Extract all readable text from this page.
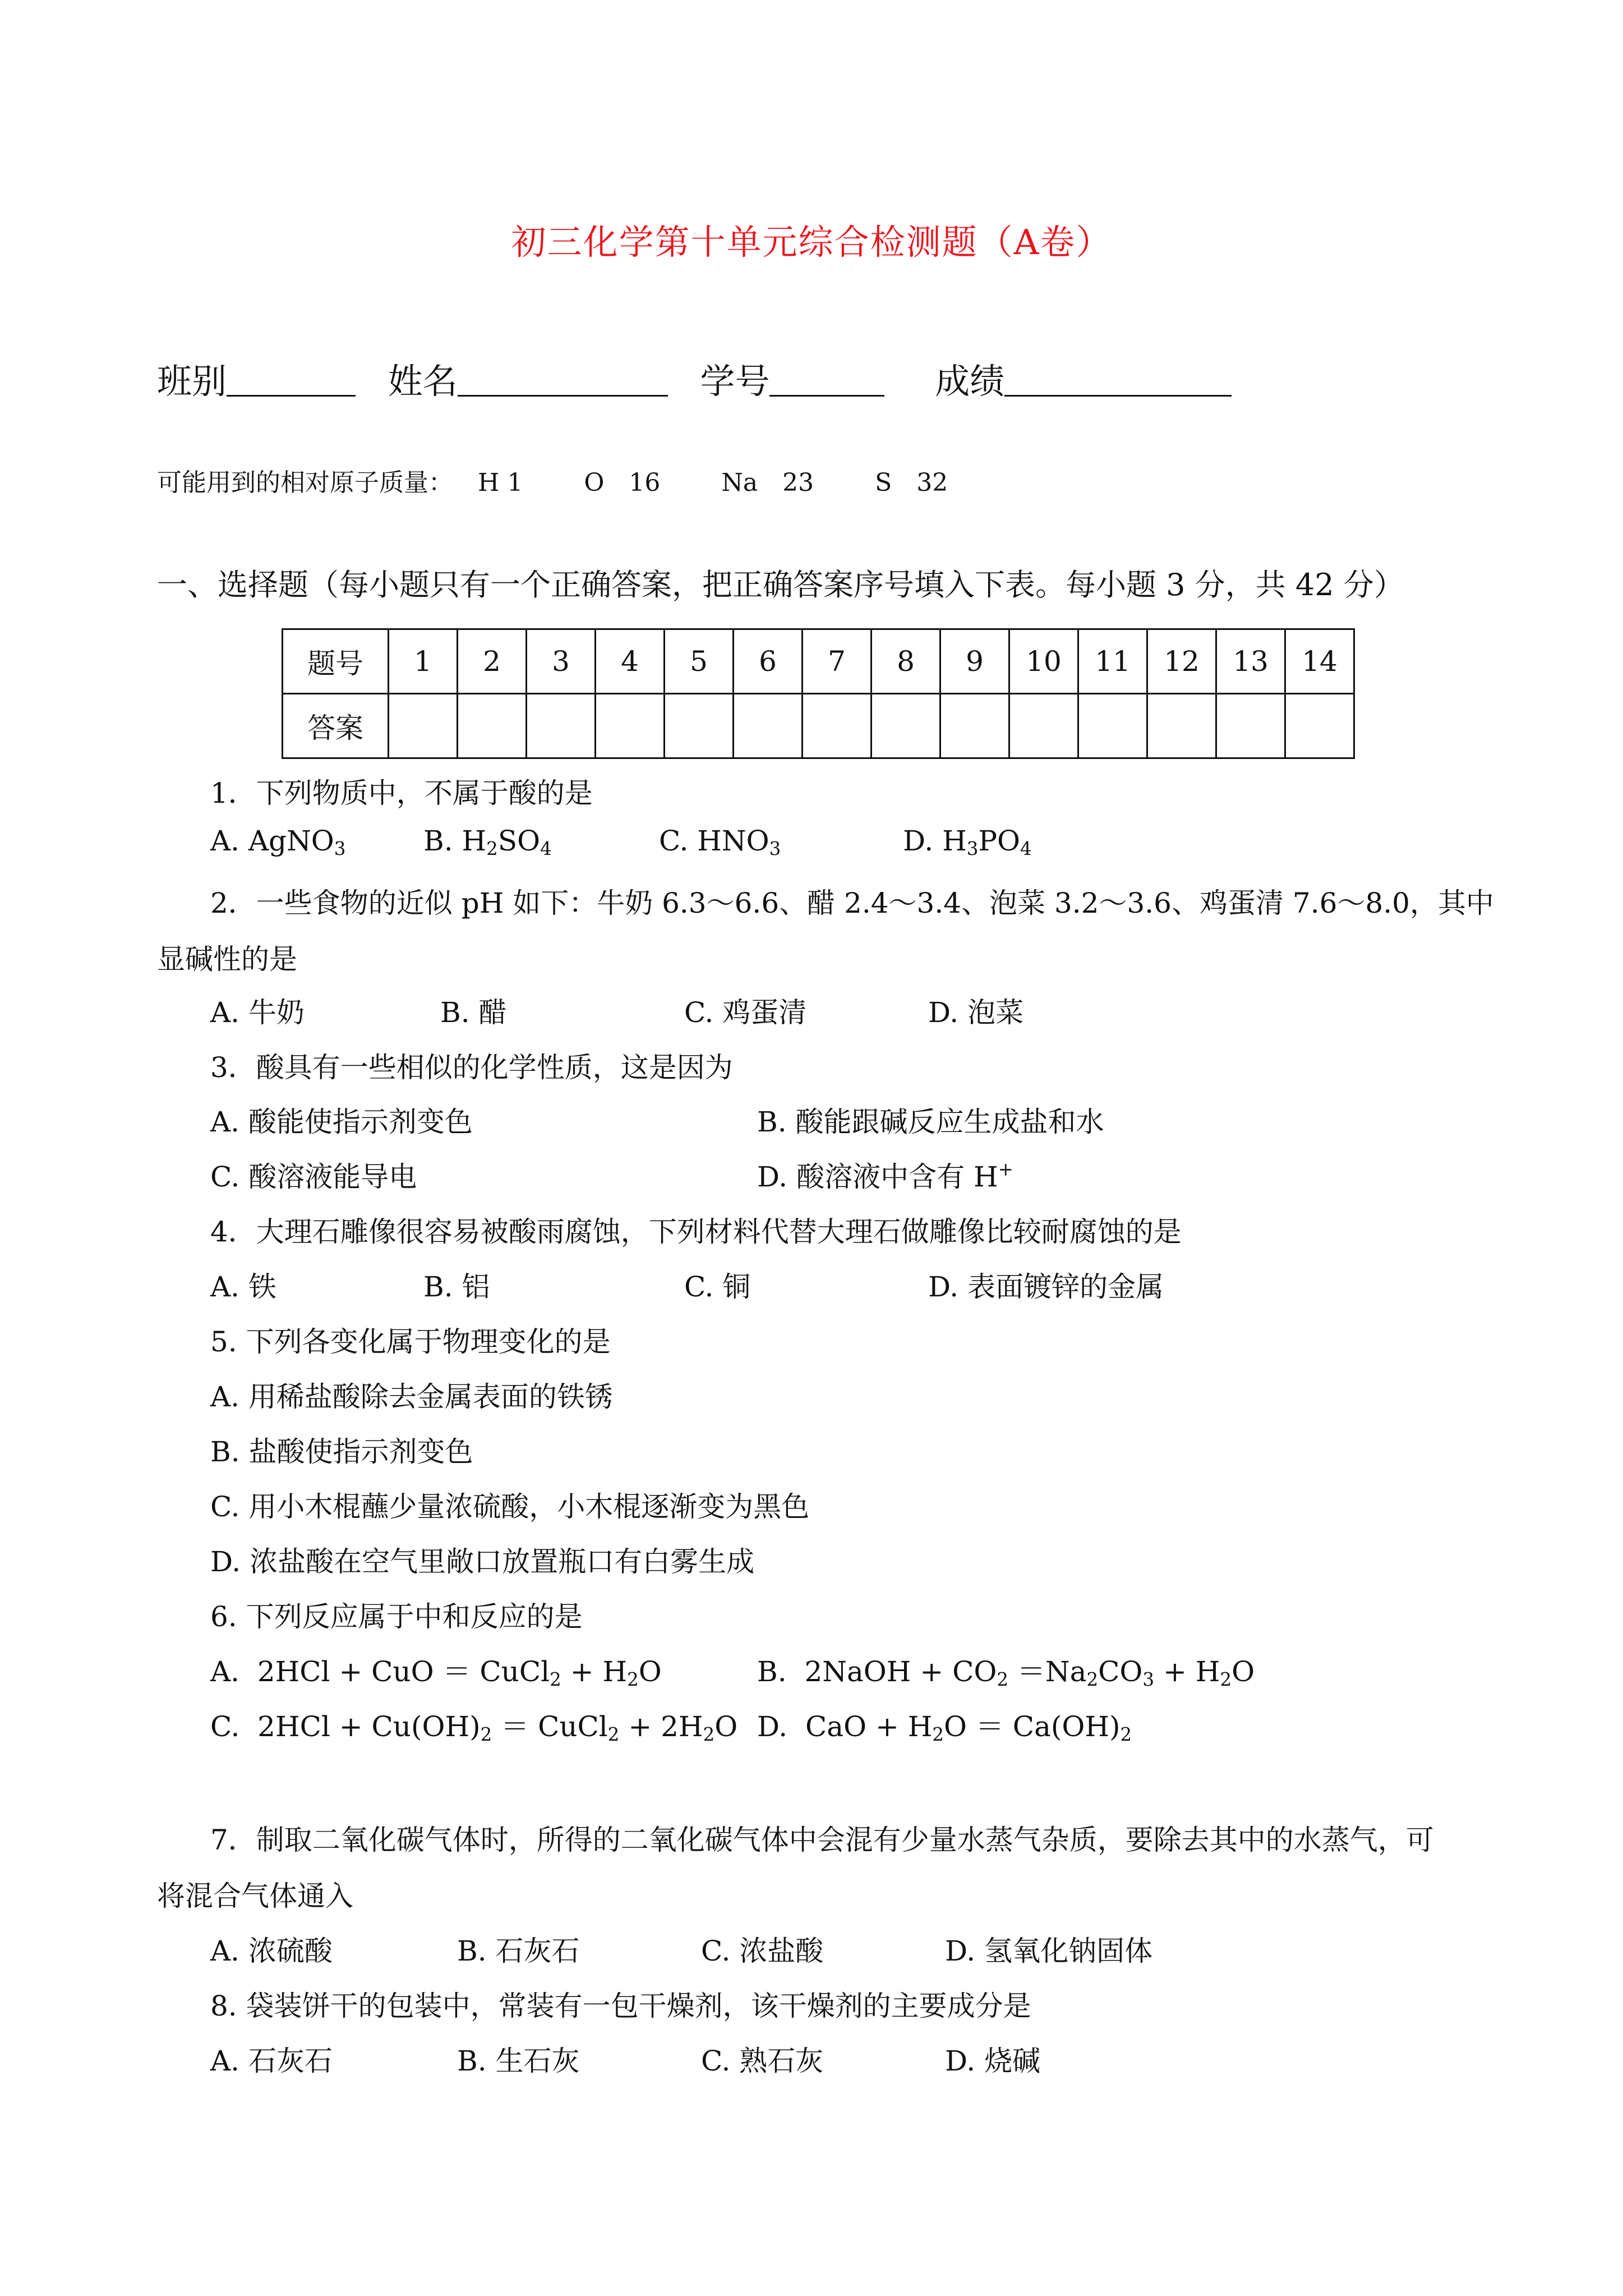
初三化学第十单元综合检测题（A卷）
班别	姓名	学号	成绩
可能用到的相对原子质量： H 1 O　16 Na　23 S　32
一、选择题（每小题只有一个正确答案，把正确答案序号填入下表。每小题 3 分，共 42 分）
题号	1	2	3	4	5	6	7	8	9	10	11	12	13	14
答案														
1．下列物质中，不属于酸的是
A. AgNO$_3$	B. $H_2SO_4$	C. $HNO_3$	D. $H_3PO_4$
2．一些食物的近似 pH 如下：牛奶 6.3～6.6、醋 2.4～3.4、泡菜 3.2～3.6、鸡蛋清 7.6～8.0，其中
显碱性的是
A. 牛奶	B. 醋	C. 鸡蛋清	D. 泡菜
3．酸具有一些相似的化学性质，这是因为
A. 酸能使指示剂变色	B. 酸能跟碱反应生成盐和水
C. 酸溶液能导电	D. 酸溶液中含有 H+
4．大理石雕像很容易被酸雨腐蚀，下列材料代替大理石做雕像比较耐腐蚀的是
A. 铁	B. 铝	C. 铜	D. 表面镀锌的金属
5. 下列各变化属于物理变化的是
A. 用稀盐酸除去金属表面的铁锈
B. 盐酸使指示剂变色
C. 用小木棍蘸少量浓硫酸，小木棍逐渐变为黑色
D. 浓盐酸在空气里敞口放置瓶口有白雾生成
6. 下列反应属于中和反应的是
A. 2HCl + CuO ＝ CuCl$_2$ + $H_2O$	B. 2NaOH + $CO_2 =Na_2CO_3 + H_2O$
C. $2HCl + Cu(OH)_2$ ＝ CuCl$_2$ + $2H_2O$ D. CaO + $H_2O = Ca(OH)_2$
7．制取二氧化碳气体时，所得的二氧化碳气体中会混有少量水蒸气杂质，要除去其中的水蒸气，可
将混合气体通入
A. 浓硫酸	B. 石灰石	C. 浓盐酸	D. 氢氧化钠固体
8. 袋装饼干的包装中，常装有一包干燥剂，该干燥剂的主要成分是
A. 石灰石	B. 生石灰	C. 熟石灰	D. 烧碱
